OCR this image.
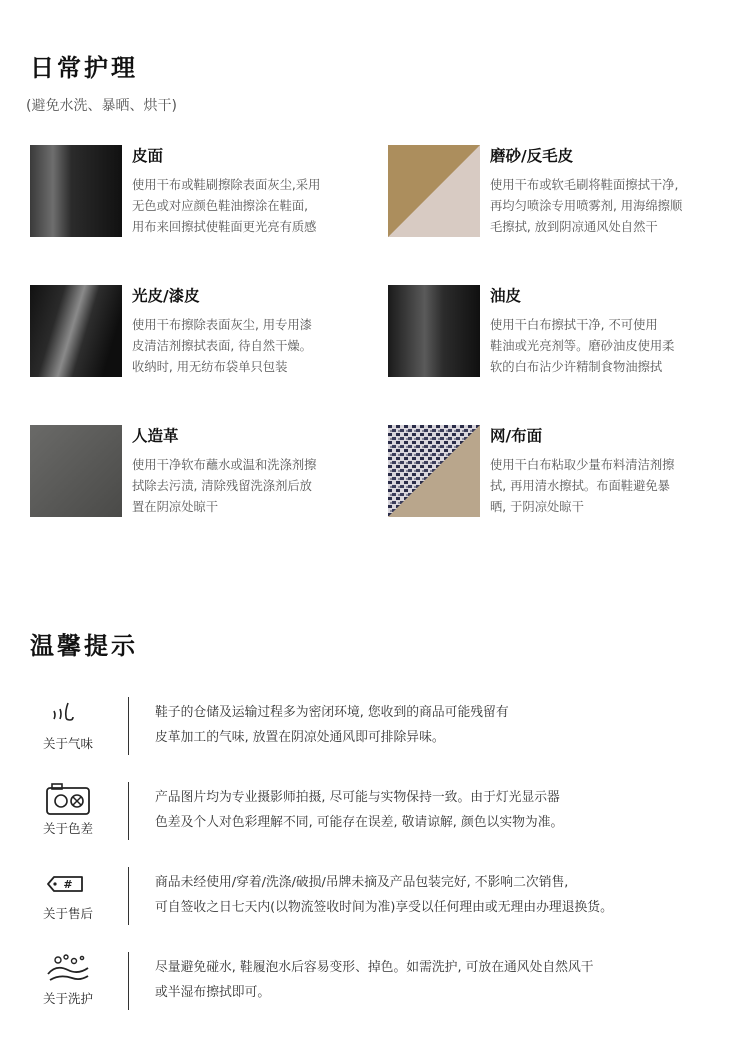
日常护理
(避免水洗、暴晒、烘干)
皮面
使用干布或鞋刷擦除表面灰尘,采用
无色或对应颜色鞋油擦涂在鞋面,
用布来回擦拭使鞋面更光亮有质感
磨砂/反毛皮
使用干布或软毛刷将鞋面擦拭干净,
再均匀喷涂专用喷雾剂, 用海绵擦顺
毛擦拭, 放到阴凉通风处自然干
光皮/漆皮
使用干布擦除表面灰尘, 用专用漆
皮清洁剂擦拭表面, 待自然干燥。
收纳时, 用无纺布袋单只包装
油皮
使用干白布擦拭干净, 不可使用
鞋油或光亮剂等。磨砂油皮使用柔
软的白布沾少许精制食物油擦拭
人造革
使用干净软布蘸水或温和洗涤剂擦
拭除去污渍, 清除残留洗涤剂后放
置在阴凉处晾干
网/布面
使用干白布粘取少量布料清洁剂擦
拭, 再用清水擦拭。布面鞋避免暴
晒, 于阴凉处晾干
温馨提示
关于气味
鞋子的仓储及运输过程多为密闭环境, 您收到的商品可能残留有
皮革加工的气味, 放置在阴凉处通风即可排除异味。
关于色差
产品图片均为专业摄影师拍摄, 尽可能与实物保持一致。由于灯光显示器
色差及个人对色彩理解不同, 可能存在误差, 敬请谅解, 颜色以实物为准。
#
关于售后
商品未经使用/穿着/洗涤/破损/吊牌未摘及产品包装完好, 不影响二次销售,
可自签收之日七天内(以物流签收时间为准)享受以任何理由或无理由办理退换货。
关于洗护
尽量避免碰水, 鞋履泡水后容易变形、掉色。如需洗护, 可放在通风处自然风干
或半湿布擦拭即可。
